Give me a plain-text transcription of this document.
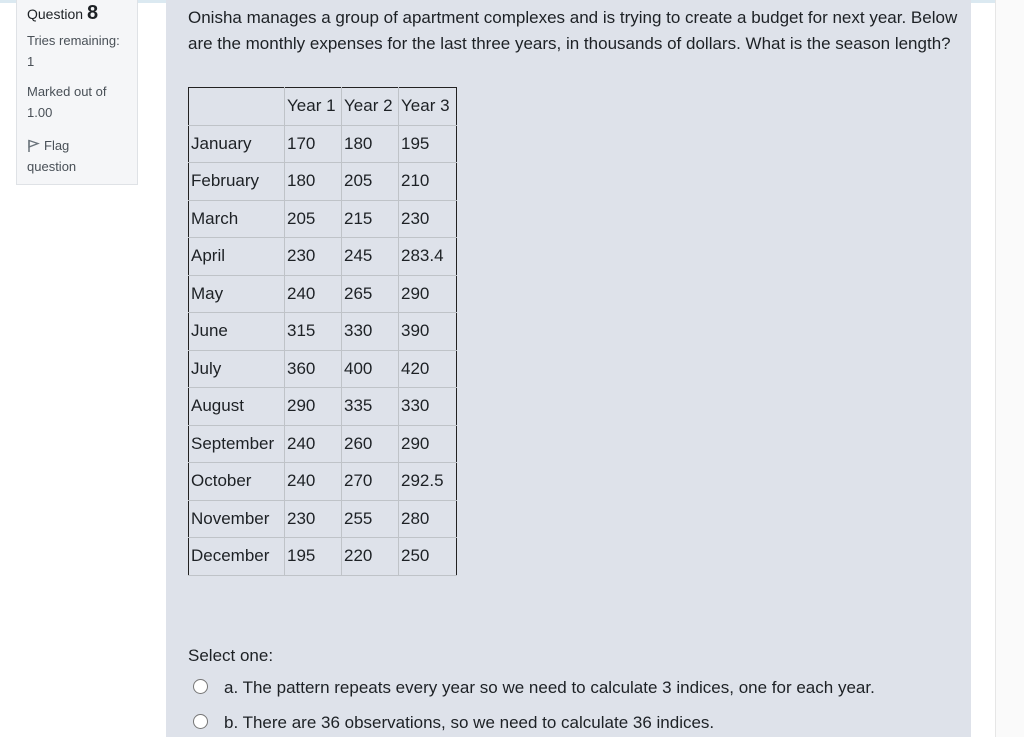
Question 8
Tries remaining:
1
Marked out of
1.00
Flag
question
Onisha manages a group of apartment complexes and is trying to create a budget for next year. Below are the monthly expenses for the last three years, in thousands of dollars. What is the season length?
	Year 1	Year 2	Year 3
January	170	180	195
February	180	205	210
March	205	215	230
April	230	245	283.4
May	240	265	290
June	315	330	390
July	360	400	420
August	290	335	330
September	240	260	290
October	240	270	292.5
November	230	255	280
December	195	220	250
Select one:
a. The pattern repeats every year so we need to calculate 3 indices, one for each year.
b. There are 36 observations, so we need to calculate 36 indices.
